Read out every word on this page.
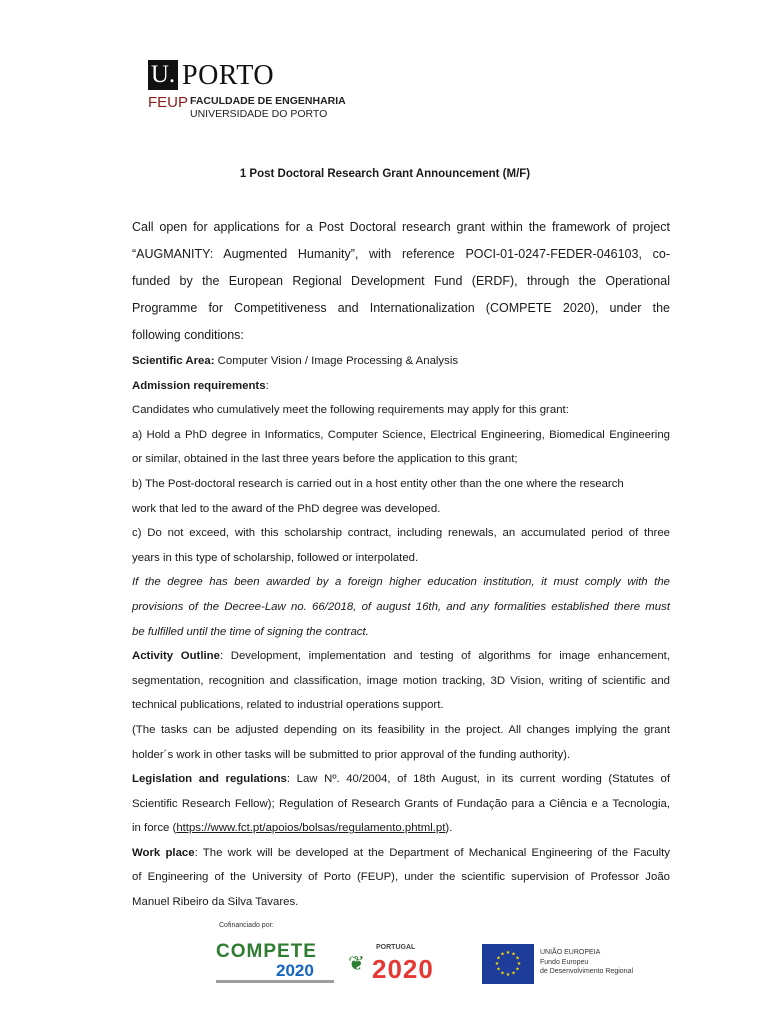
U. PORTO
FEUP FACULDADE DE ENGENHARIA
UNIVERSIDADE DO PORTO
1 Post Doctoral Research Grant Announcement (M/F)

Call open for applications for a Post Doctoral research grant within the framework of project

“AUGMANITY: Augmented Humanity”, with reference POCI-01-0247-FEDER-046103, co-

funded by the European Regional Development Fund (ERDF), through the Operational

Programme for Competitiveness and Internationalization (COMPETE 2020), under the

following conditions:

Scientific Area: Computer Vision / Image Processing & Analysis

Admission requirements:

Candidates who cumulatively meet the following requirements may apply for this grant:

a) Hold a PhD degree in Informatics, Computer Science, Electrical Engineering, Biomedical Engineering

or similar, obtained in the last three years before the application to this grant;

b) The Post-doctoral research is carried out in a host entity other than the one where the research

work that led to the award of the PhD degree was developed.

c) Do not exceed, with this scholarship contract, including renewals, an accumulated period of three

years in this type of scholarship, followed or interpolated.

If the degree has been awarded by a foreign higher education institution, it must comply with the

provisions of the Decree-Law no. 66/2018, of august 16th, and any formalities established there must

be fulfilled until the time of signing the contract.

Activity Outline: Development, implementation and testing of algorithms for image enhancement,

segmentation, recognition and classification, image motion tracking, 3D Vision, writing of scientific and

technical publications, related to industrial operations support.

(The tasks can be adjusted depending on its feasibility in the project. All changes implying the grant

holder´s work in other tasks will be submitted to prior approval of the funding authority).

Legislation and regulations: Law Nº. 40/2004, of 18th August, in its current wording (Statutes of

Scientific Research Fellow); Regulation of Research Grants of Fundação para a Ciência e a Tecnologia,

in force (https://www.fct.pt/apoios/bolsas/regulamento.phtml.pt).

Work place: The work will be developed at the Department of Mechanical Engineering of the Faculty

of Engineering of the University of Porto (FEUP), under the scientific supervision of Professor João

Manuel Ribeiro da Silva Tavares.

Cofinanciado por:
COMPETE
2020 ❦
PORTUGAL
2020
★ ★
★
★
★
★
★
★
★
★
★
★	UNIÃO EUROPEIA
Fundo Europeu
de Desenvolvimento Regional
